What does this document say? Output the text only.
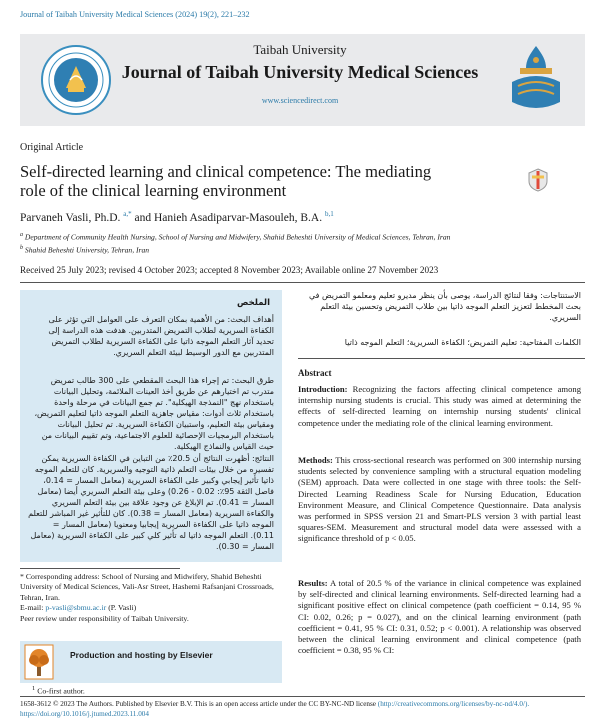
Journal of Taibah University Medical Sciences (2024) 19(2), 221–232
Taibah University
Journal of Taibah University Medical Sciences
www.sciencedirect.com
Original Article
Self-directed learning and clinical competence: The mediating role of the clinical learning environment
Parvaneh Vasli, Ph.D. $^{a,*}$ and Hanieh Asadiparvar-Masouleh, B.A. $^{b,1}$
$^a$ Department of Community Health Nursing, School of Nursing and Midwifery, Shahid Beheshti University of Medical Sciences, Tehran, Iran
$^b$ Shahid Beheshti University, Tehran, Iran
Received 25 July 2023; revised 4 October 2023; accepted 8 November 2023; Available online 27 November 2023
الملخص
أهداف البحث: من الأهمية بمكان التعرف على العوامل التي تؤثر على الكفاءة السريرية لطلاب التمريض المتدربين. هدفت هذه الدراسة إلى تحديد آثار التعلم الموجه ذاتيا على الكفاءة السريرية لطلاب التمريض المتدربين مع الدور الوسيط لبيئة التعلم السريري.
طرق البحث: تم إجراء هذا البحث المقطعي على 300 طالب تمريض متدرب تم اختيارهم عن طريق أخذ العينات الملائمة، وتحليل البيانات باستخدام نهج "النمذجة الهيكلية". تم جمع البيانات في مرحلة واحدة باستخدام ثلاث أدوات: مقياس جاهزية التعلم الموجه ذاتيا لتعليم التمريض، ومقياس بيئة التعليم، واستبيان الكفاءة السريرية. تم تحليل البيانات باستخدام البرمجيات الإحصائية للعلوم الاجتماعية، وتم تقييم البيانات من حيث القياس والنماذج الهيكلية.
النتائج: أظهرت النتائج أن 20.5٪ من التباين في الكفاءة السريرية يمكن تفسيره من خلال بيئات التعلم ذاتية التوجيه والسريرية. كان للتعلم الموجه ذاتيا تأثير إيجابي وكبير على الكفاءة السريرية (معامل المسار = 0.14، فاصل الثقة 95٪: 0.02 - 0.26) وعلى بيئة التعلم السريري أيضا (معامل المسار = 0.41). تم الإبلاغ عن وجود علاقة بين بيئة التعلم السريري والكفاءة السريرية (معامل المسار = 0.38). كان للتأثير غير المباشر للتعلم الموجه ذاتيا على الكفاءة السريرية إيجابيا ومعنويا (معامل المسار = 0.11). التعلم الموجه ذاتيا له تأثير كلي كبير على الكفاءة السريرية (معامل المسار = 0.30).
الاستنتاجات: وفقا لنتائج الدراسة، يوصى بأن ينظر مديرو تعليم ومعلمو التمريض في بحث المخطط لتعزيز التعلم الموجه ذاتيا بين طلاب التمريض وتحسين بيئة التعلم السريري.
الكلمات المفتاحية: تعليم التمريض؛ الكفاءة السريرية؛ التعلم الموجه ذاتيا
Abstract
Introduction: Recognizing the factors affecting clinical competence among internship nursing students is crucial. This study was aimed at determining the effects of self-directed learning on internship nursing students' clinical competence under the mediating role of the clinical learning environment.
Methods: This cross-sectional research was performed on 300 internship nursing students selected by convenience sampling with a structural equation modeling (SEM) approach. Data were collected in one stage with three tools: the Self-Directed Learning Readiness Scale for Nursing Education, Education Environment Measure, and Clinical Competence Questionnaire. Data analysis was performed in SPSS version 21 and Smart-PLS version 3 with partial least squares-SEM. Measurement and structural model data were assessed with a significance threshold of p < 0.05.
Results: A total of 20.5 % of the variance in clinical competence was explained by self-directed and clinical learning environments. Self-directed learning had a significant positive effect on clinical competence (path coefficient = 0.14, 95 % CI: 0.02, 0.26; p = 0.027), and on the clinical learning environment (path coefficient = 0.41, 95 % CI: 0.31, 0.52; p < 0.001). A relationship was observed between the clinical learning environment and clinical competence (path coefficient = 0.38, 95 % CI:
* Corresponding address: School of Nursing and Midwifery, Shahid Beheshti University of Medical Sciences, Vali-Asr Street, Hashemi Rafsanjani Crossroads, Tehran, Iran.
E-mail: p-vasli@sbmu.ac.ir (P. Vasli)
Peer review under responsibility of Taibah University.
Production and hosting by Elsevier
$^1$ Co-first author.
1658-3612 © 2023 The Authors. Published by Elsevier B.V. This is an open access article under the CC BY-NC-ND license (http://creativecommons.org/licenses/by-nc-nd/4.0/). https://doi.org/10.1016/j.jtumed.2023.11.004
